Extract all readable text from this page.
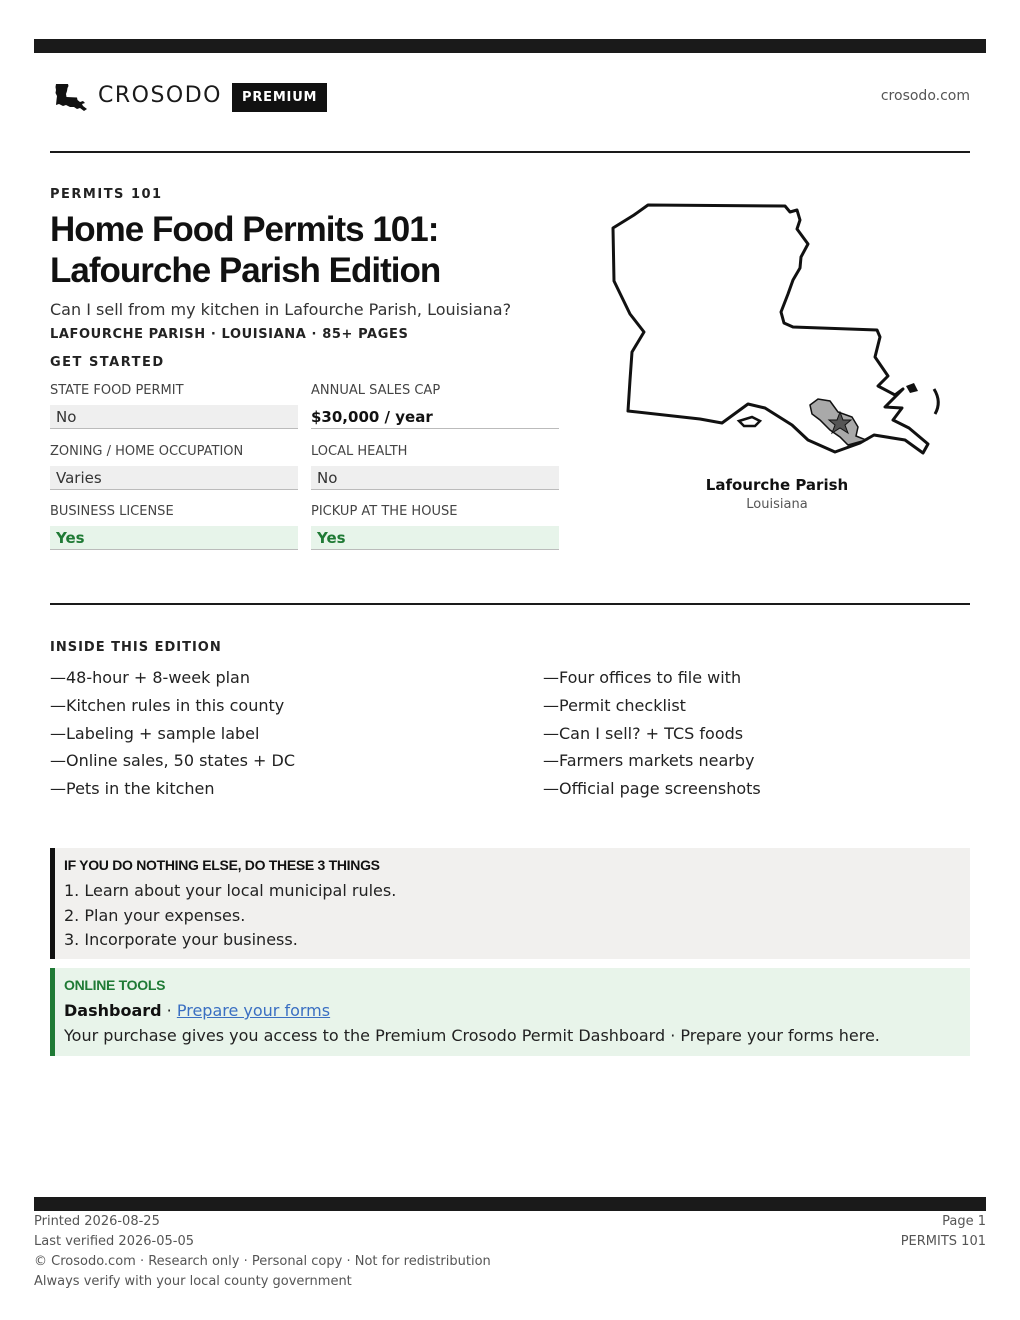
CROSODO	PREMIUM	crosodo.com
PERMITS 101
Home Food Permits 101:
Lafourche Parish Edition
Can I sell from my kitchen in Lafourche Parish, Louisiana?
LAFOURCHE PARISH · LOUISIANA · 85+ PAGES
GET STARTED
STATE FOOD PERMIT
No
ANNUAL SALES CAP
$30,000 / year
ZONING / HOME OCCUPATION
Varies
LOCAL HEALTH
No
BUSINESS LICENSE
Yes
PICKUP AT THE HOUSE
Yes
Lafourche Parish
Louisiana
INSIDE THIS EDITION
—48-hour + 8-week plan
—Kitchen rules in this county
—Labeling + sample label
—Online sales, 50 states + DC
—Pets in the kitchen
—Four offices to file with
—Permit checklist
—Can I sell? + TCS foods
—Farmers markets nearby
—Official page screenshots
IF YOU DO NOTHING ELSE, DO THESE 3 THINGS
1. Learn about your local municipal rules.
2. Plan your expenses.
3. Incorporate your business.
ONLINE TOOLS
Dashboard · Prepare your forms
Your purchase gives you access to the Premium Crosodo Permit Dashboard · Prepare your forms here.
Printed 2026-08-25
Last verified 2026-05-05
© Crosodo.com · Research only · Personal copy · Not for redistribution
Always verify with your local county government
Page 1
PERMITS 101
